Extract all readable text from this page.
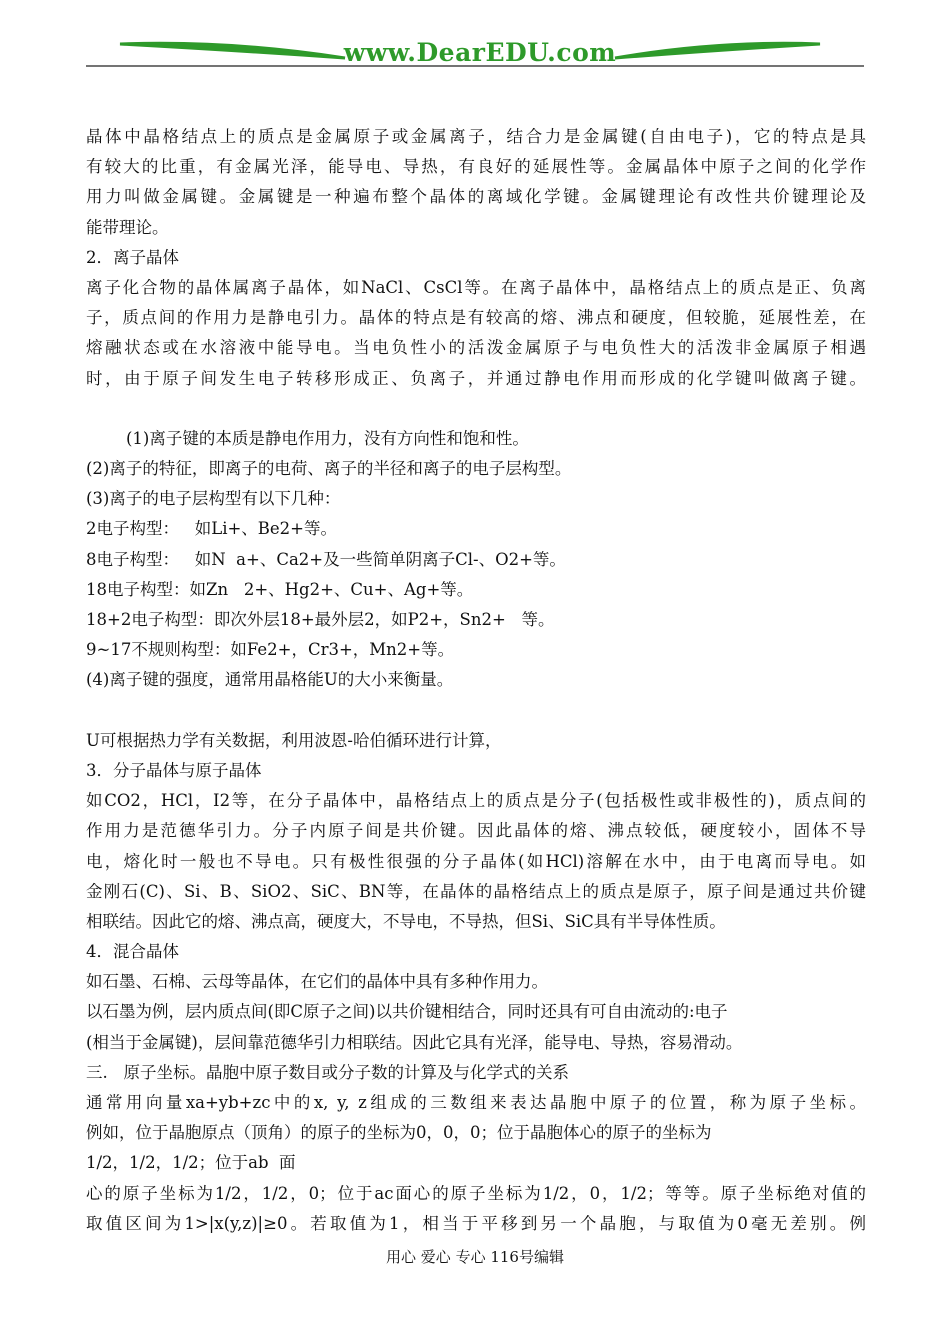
www.DearEDU.com
晶体中晶格结点上的质点是金属原子或金属离子，结合力是金属键(自由电子)，它的特点是具
有较大的比重，有金属光泽，能导电、导热，有良好的延展性等。金属晶体中原子之间的化学作
用力叫做金属键。金属键是一种遍布整个晶体的离域化学键。金属键理论有改性共价键理论及
能带理论。
2．离子晶体
离子化合物的晶体属离子晶体，如NaCl、CsCl等。在离子晶体中，晶格结点上的质点是正、负离
子，质点间的作用力是静电引力。晶体的特点是有较高的熔、沸点和硬度，但较脆，延展性差，在
熔融状态或在水溶液中能导电。当电负性小的活泼金属原子与电负性大的活泼非金属原子相遇
时，由于原子间发生电子转移形成正、负离子，并通过静电作用而形成的化学键叫做离子键。
(1)离子键的本质是静电作用力，没有方向性和饱和性。
(2)离子的特征，即离子的电荷、离子的半径和离子的电子层构型。
(3)离子的电子层构型有以下几种：
2电子构型：   如Li+、Be2+等。
8电子构型：   如N  a+、Ca2+及一些简单阴离子Cl-、O2+等。
18电子构型：如Zn   2+、Hg2+、Cu+、Ag+等。
18+2电子构型：即次外层18+最外层2，如P2+，Sn2+   等。
9~17不规则构型：如Fe2+，Cr3+，Mn2+等。
(4)离子键的强度，通常用晶格能U的大小来衡量。
U可根据热力学有关数据，利用波恩-哈伯循环进行计算，
3．分子晶体与原子晶体
如CO2，HCl，I2等，在分子晶体中，晶格结点上的质点是分子(包括极性或非极性的)，质点间的
作用力是范德华引力。分子内原子间是共价键。因此晶体的熔、沸点较低，硬度较小，固体不导
电，熔化时一般也不导电。只有极性很强的分子晶体(如HCl)溶解在水中，由于电离而导电。如
金刚石(C)、Si、B、SiO2、SiC、BN等，在晶体的晶格结点上的质点是原子，原子间是通过共价键
相联结。因此它的熔、沸点高，硬度大，不导电，不导热，但Si、SiC具有半导体性质。
4．混合晶体
如石墨、石棉、云母等晶体，在它们的晶体中具有多种作用力。
以石墨为例，层内质点间(即C原子之间)以共价键相结合，同时还具有可自由流动的:电子
(相当于金属键)，层间靠范德华引力相联结。因此它具有光泽，能导电、导热，容易滑动。
三.   原子坐标。晶胞中原子数目或分子数的计算及与化学式的关系
通常用向量xa+yb+zc中的x, y, z组成的三数组来表达晶胞中原子的位置，称为原子坐标。
例如，位于晶胞原点（顶角）的原子的坐标为0，0，0；位于晶胞体心的原子的坐标为
1/2，1/2，1/2；位于ab  面
心的原子坐标为1/2，1/2，0；位于ac面心的原子坐标为1/2，0，1/2；等等。原子坐标绝对值的
取值区间为1>|x(y,z)|≥0。若取值为1，相当于平移到另一个晶胞，与取值为0毫无差别。例
用心 爱心 专心 116号编辑
